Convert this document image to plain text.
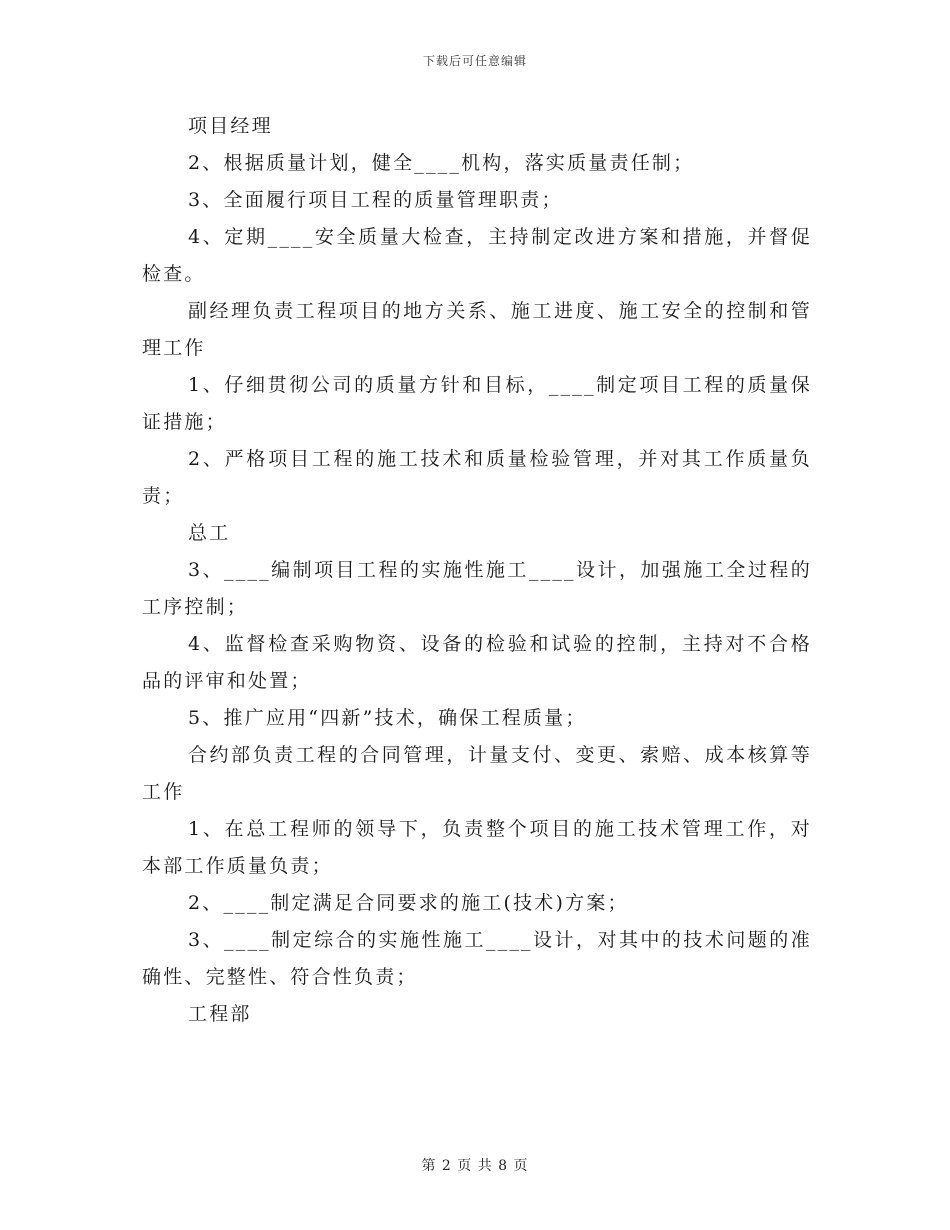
下载后可任意编辑

项目经理

2、根据质量计划，健全____机构，落实质量责任制；

3、全面履行项目工程的质量管理职责；

4、定期____安全质量大检查，主持制定改进方案和措施，并督促检查。

副经理负责工程项目的地方关系、施工进度、施工安全的控制和管理工作

1、仔细贯彻公司的质量方针和目标，____制定项目工程的质量保证措施；

2、严格项目工程的施工技术和质量检验管理，并对其工作质量负责；

总工

3、____编制项目工程的实施性施工____设计，加强施工全过程的工序控制；

4、监督检查采购物资、设备的检验和试验的控制，主持对不合格品的评审和处置；

5、推广应用“四新”技术，确保工程质量；

合约部负责工程的合同管理，计量支付、变更、索赔、成本核算等工作

1、在总工程师的领导下，负责整个项目的施工技术管理工作，对本部工作质量负责；

2、____制定满足合同要求的施工(技术)方案；

3、____制定综合的实施性施工____设计，对其中的技术问题的准确性、完整性、符合性负责；

工程部

第 2 页 共 8 页
